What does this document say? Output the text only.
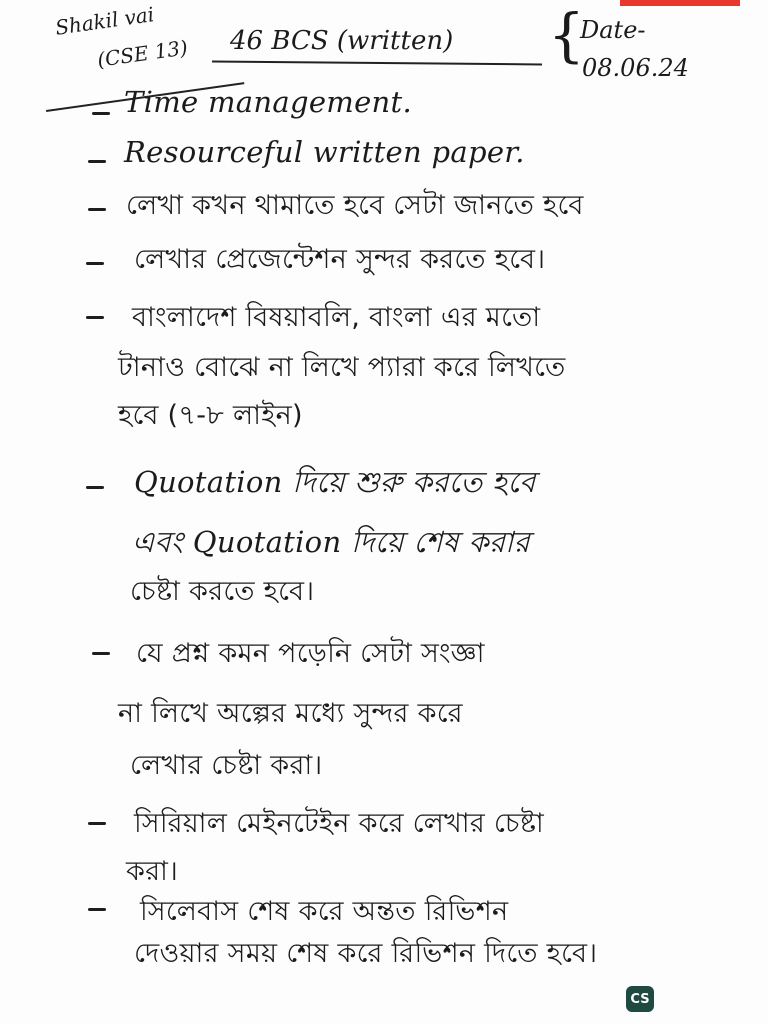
Shakil vai
(CSE 13) 46 BCS (written) {
Date-
08.06.24
Time management.
Resourceful written paper.
লেখা কখন থামাতে হবে সেটা জানতে হবে
লেখার প্রেজেন্টেশন সুন্দর করতে হবে।
বাংলাদেশ বিষয়াবলি, বাংলা এর মতো
টানাও বোঝে না লিখে প্যারা করে লিখতে
হবে (৭-৮ লাইন)
Quotation দিয়ে শুরু করতে হবে
এবং Quotation দিয়ে শেষ করার
চেষ্টা করতে হবে।
যে প্রশ্ন কমন পড়েনি সেটা সংজ্ঞা
না লিখে অল্পের মধ্যে সুন্দর করে
লেখার চেষ্টা করা।
সিরিয়াল মেইনটেইন করে লেখার চেষ্টা
করা।
সিলেবাস শেষ করে অন্তত রিভিশন
দেওয়ার সময় শেষ করে রিভিশন দিতে হবে।
CS
